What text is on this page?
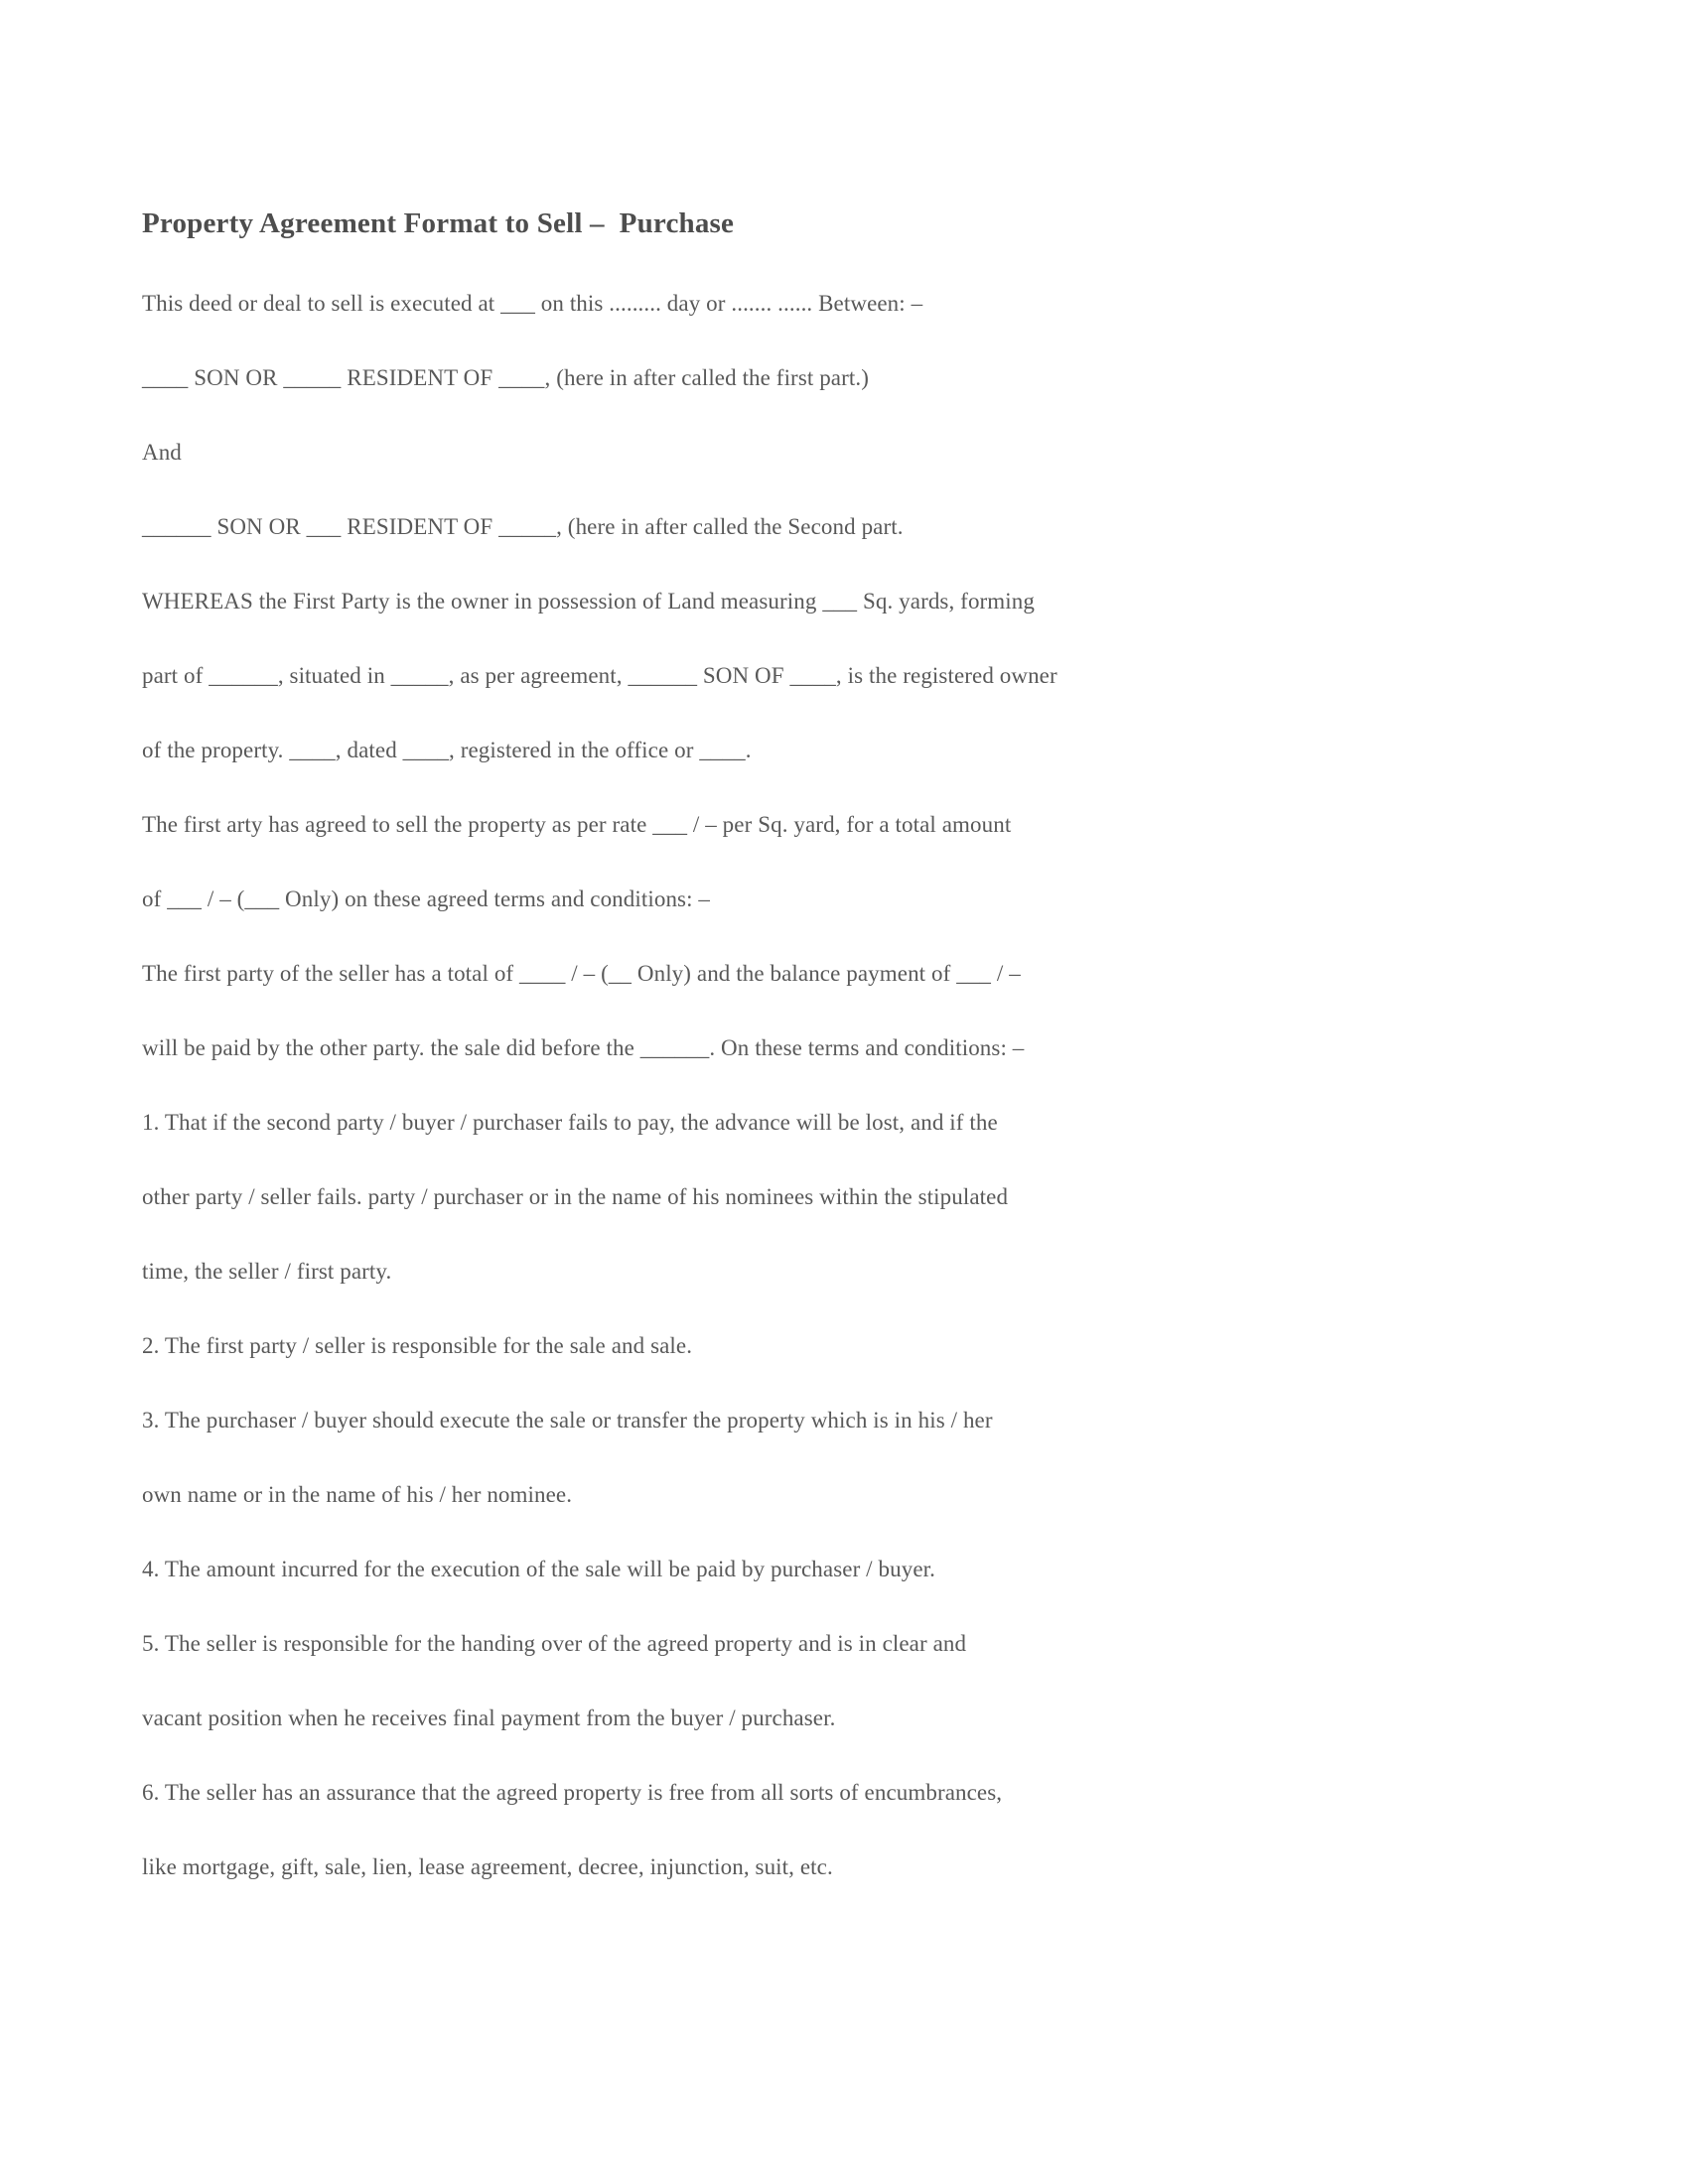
Property Agreement Format to Sell –  Purchase

This deed or deal to sell is executed at ___ on this ......... day or ....... ...... Between: –

____ SON OR _____ RESIDENT OF ____, (here in after called the first part.)

And

______ SON OR ___ RESIDENT OF _____, (here in after called the Second part.

WHEREAS the First Party is the owner in possession of Land measuring ___ Sq. yards, forming
part of ______, situated in _____, as per agreement, ______ SON OF ____, is the registered owner
of the property. ____, dated ____, registered in the office or ____.

The first arty has agreed to sell the property as per rate ___ / – per Sq. yard, for a total amount
of ___ / – (___ Only) on these agreed terms and conditions: –

The first party of the seller has a total of ____ / – (__ Only) and the balance payment of ___ / –
will be paid by the other party. the sale did before the ______. On these terms and conditions: –

1. That if the second party / buyer / purchaser fails to pay, the advance will be lost, and if the
other party / seller fails. party / purchaser or in the name of his nominees within the stipulated
time, the seller / first party.

2. The first party / seller is responsible for the sale and sale.

3. The purchaser / buyer should execute the sale or transfer the property which is in his / her
own name or in the name of his / her nominee.

4. The amount incurred for the execution of the sale will be paid by purchaser / buyer.

5. The seller is responsible for the handing over of the agreed property and is in clear and
vacant position when he receives final payment from the buyer / purchaser.

6. The seller has an assurance that the agreed property is free from all sorts of encumbrances,
like mortgage, gift, sale, lien, lease agreement, decree, injunction, suit, etc.
